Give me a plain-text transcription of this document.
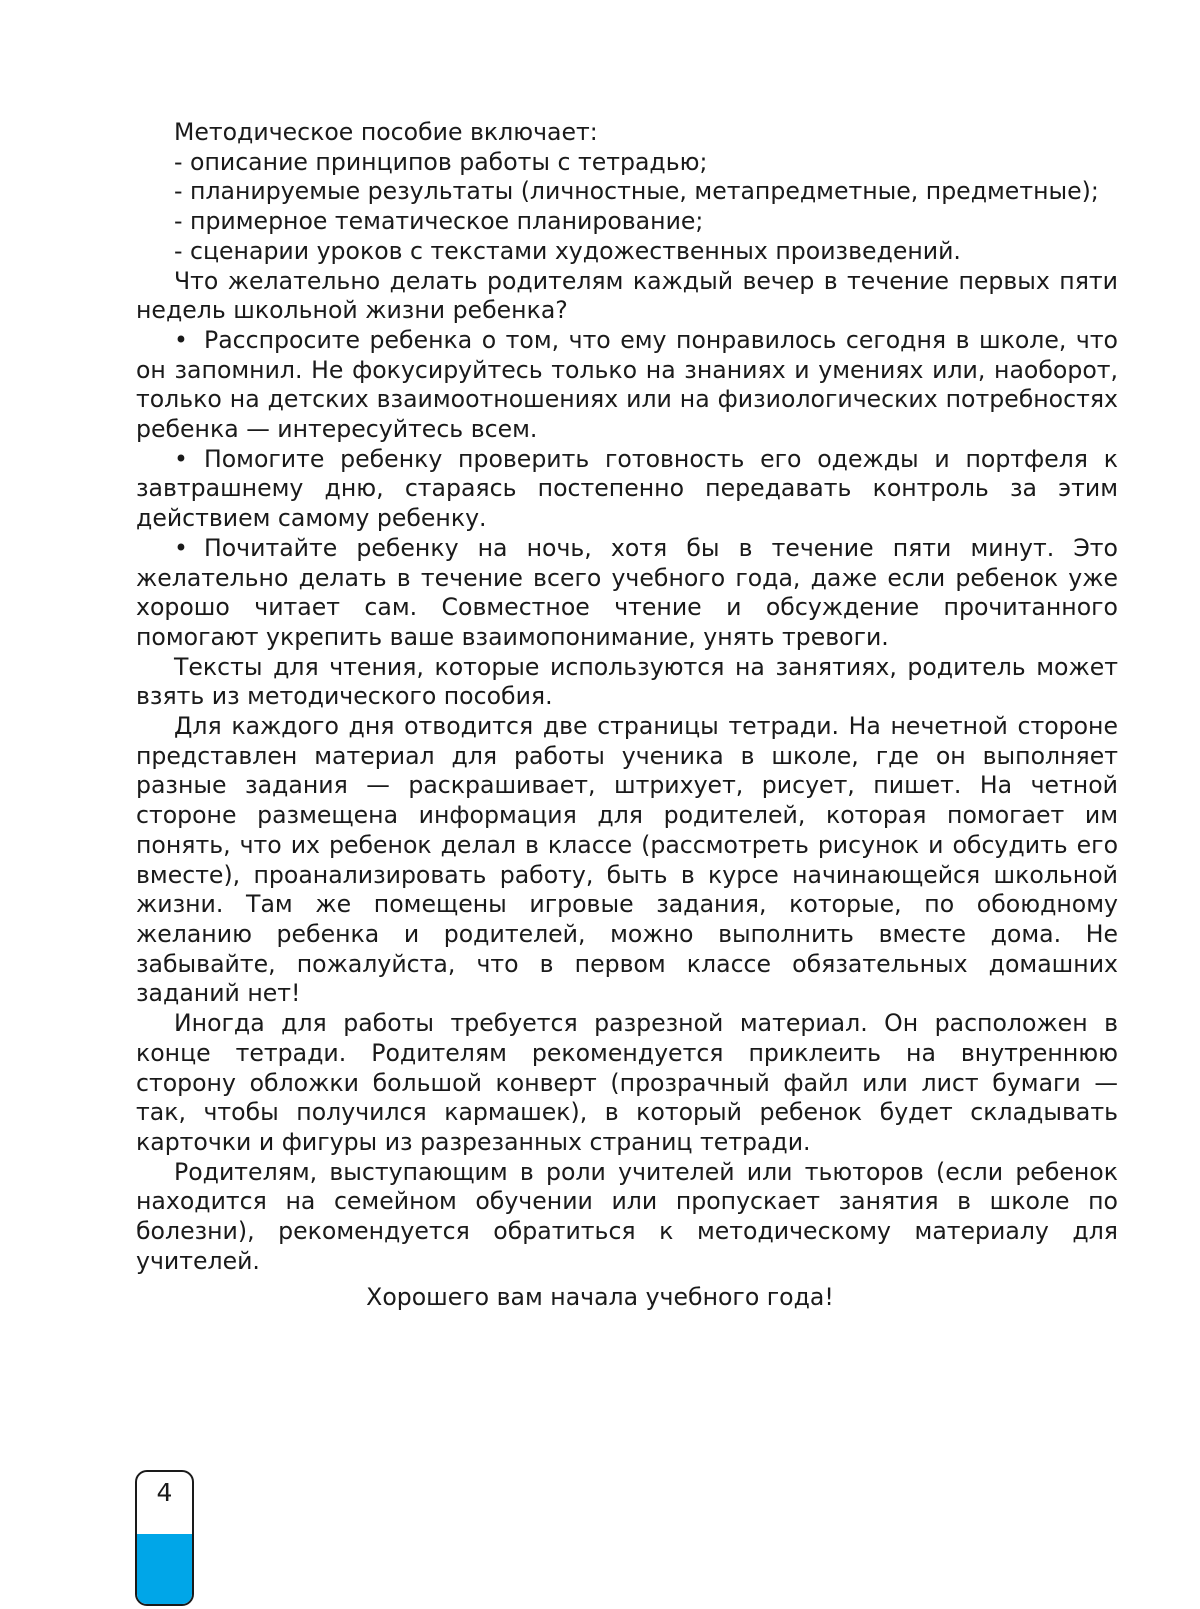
Методическое пособие включает:

- описание принципов работы с тетрадью;
- планируемые результаты (личностные, метапредметные, предметные);
- примерное тематическое планирование;
- сценарии уроков с текстами художественных произведений.

Что желательно делать родителям каждый вечер в течение первых пяти недель школьной жизни ребенка?

• Расспросите ребенка о том, что ему понравилось сегодня в школе, что он запомнил. Не фокусируйтесь только на знаниях и умениях или, наоборот, только на детских взаимоотношениях или на физиологических потребностях ребенка — интересуйтесь всем.

• Помогите ребенку проверить готовность его одежды и портфеля к завтрашнему дню, стараясь постепенно передавать контроль за этим действием самому ребенку.

• Почитайте ребенку на ночь, хотя бы в течение пяти минут. Это желательно делать в течение всего учебного года, даже если ребенок уже хорошо читает сам. Совместное чтение и обсуждение прочитанного помогают укрепить ваше взаимопонимание, унять тревоги.

Тексты для чтения, которые используются на занятиях, родитель может взять из методического пособия.

Для каждого дня отводится две страницы тетради. На нечетной стороне представлен материал для работы ученика в школе, где он выполняет разные задания — раскрашивает, штрихует, рисует, пишет. На четной стороне размещена информация для родителей, которая помогает им понять, что их ребенок делал в классе (рассмотреть рисунок и обсудить его вместе), проанализировать работу, быть в курсе начинающейся школьной жизни. Там же помещены игровые задания, которые, по обоюдному желанию ребенка и родителей, можно выполнить вместе дома. Не забывайте, пожалуйста, что в первом классе обязательных домашних заданий нет!

Иногда для работы требуется разрезной материал. Он расположен в конце тетради. Родителям рекомендуется приклеить на внутреннюю сторону обложки большой конверт (прозрачный файл или лист бумаги — так, чтобы получился кармашек), в который ребенок будет складывать карточки и фигуры из разрезанных страниц тетради.

Родителям, выступающим в роли учителей или тьюторов (если ребенок находится на семейном обучении или пропускает занятия в школе по болезни), рекомендуется обратиться к методическому материалу для учителей.

Хорошего вам начала учебного года!
4
